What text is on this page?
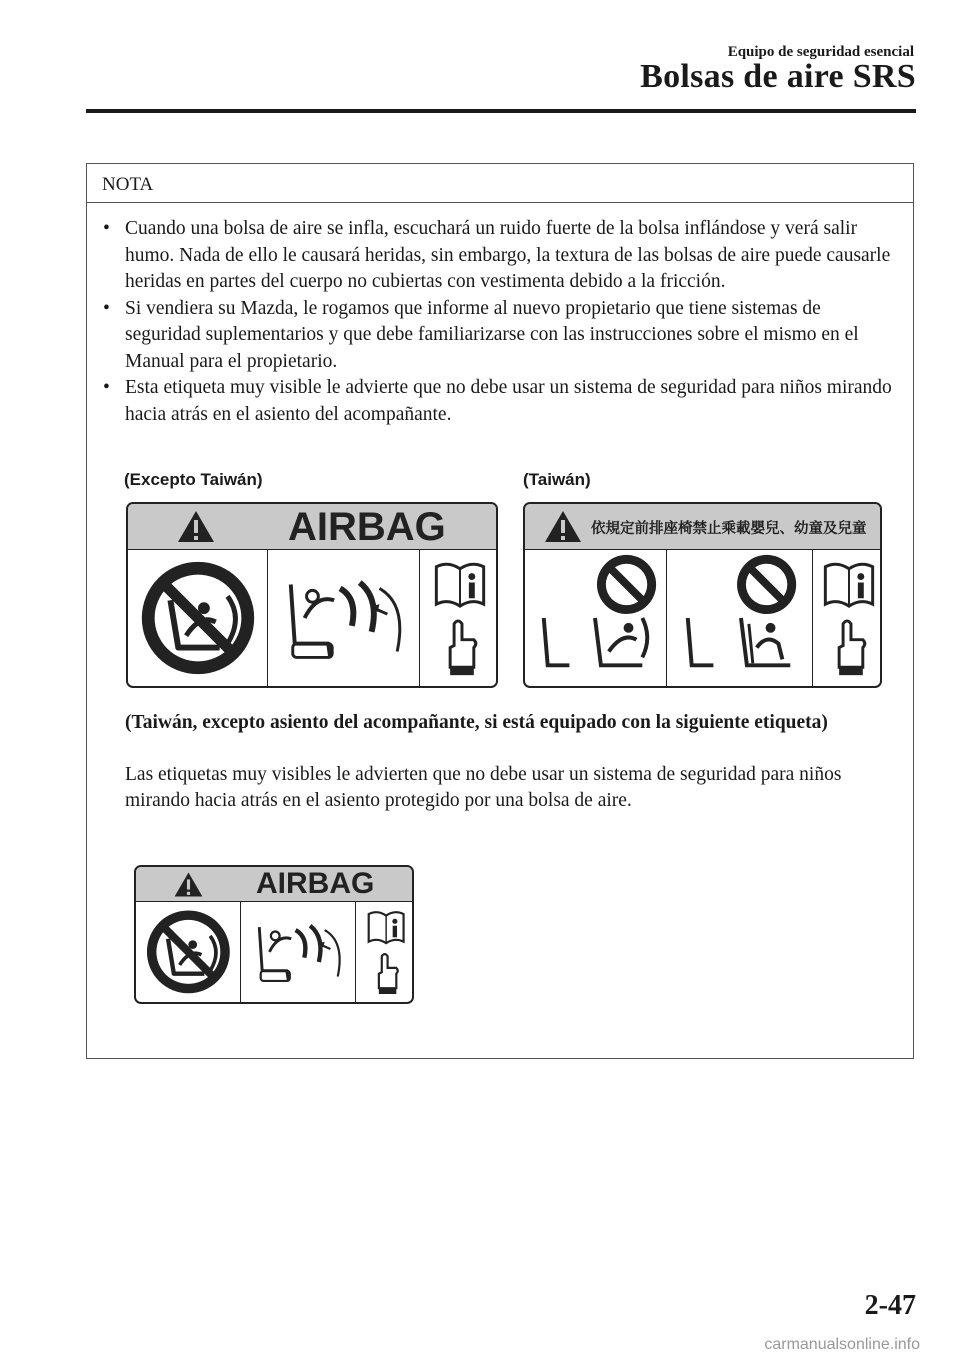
Equipo de seguridad esencial
Bolsas de aire SRS
NOTA

• Cuando una bolsa de aire se infla, escuchará un ruido fuerte de la bolsa inflándose y verá salir humo. Nada de ello le causará heridas, sin embargo, la textura de las bolsas de aire puede causarle heridas en partes del cuerpo no cubiertas con vestimenta debido a la fricción.

• Si vendiera su Mazda, le rogamos que informe al nuevo propietario que tiene sistemas de seguridad suplementarios y que debe familiarizarse con las instrucciones sobre el mismo en el Manual para el propietario.

• Esta etiqueta muy visible le advierte que no debe usar un sistema de seguridad para niños mirando hacia atrás en el asiento del acompañante.

(Excepto Taiwán)	(Taiwán)
AIRBAG	依規定前排座椅禁止乘載嬰兒、幼童及兒童
(Taiwán, excepto asiento del acompañante, si está equipado con la siguiente etiqueta)
Las etiquetas muy visibles le advierten que no debe usar un sistema de seguridad para niños mirando hacia atrás en el asiento protegido por una bolsa de aire.
AIRBAG
2-47
carmanualsonline.info
